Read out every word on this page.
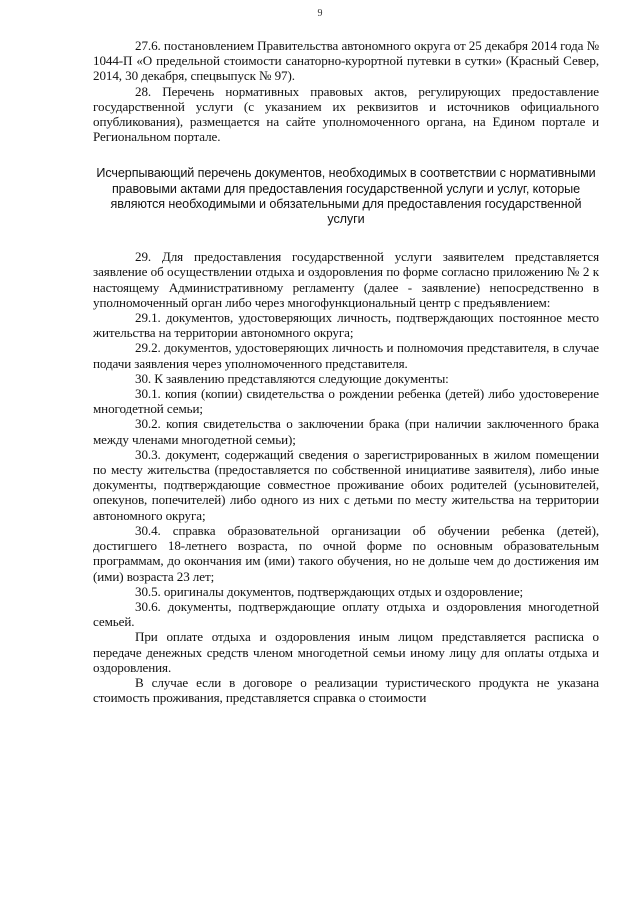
9

27.6. постановлением Правительства автономного округа от 25 декабря 2014 года № 1044-П «О предельной стоимости санаторно-курортной путевки в сутки» (Красный Север, 2014, 30 декабря, спецвыпуск № 97).

28. Перечень нормативных правовых актов, регулирующих предоставление государственной услуги (с указанием их реквизитов и источников официального опубликования), размещается на сайте уполномоченного органа, на Едином портале и Региональном портале.

Исчерпывающий перечень документов, необходимых в соответствии с нормативными правовыми актами для предоставления государственной услуги и услуг, которые являются необходимыми и обязательными для предоставления государственной услуги

29. Для предоставления государственной услуги заявителем представляется заявление об осуществлении отдыха и оздоровления по форме согласно приложению № 2 к настоящему Административному регламенту (далее - заявление) непосредственно в уполномоченный орган либо через многофункциональный центр с предъявлением:

29.1. документов, удостоверяющих личность, подтверждающих постоянное место жительства на территории автономного округа;

29.2. документов, удостоверяющих личность и полномочия представителя, в случае подачи заявления через уполномоченного представителя.

30. К заявлению представляются следующие документы:

30.1. копия (копии) свидетельства о рождении ребенка (детей) либо удостоверение многодетной семьи;

30.2. копия свидетельства о заключении брака (при наличии заключенного брака между членами многодетной семьи);

30.3. документ, содержащий сведения о зарегистрированных в жилом помещении по месту жительства (предоставляется по собственной инициативе заявителя), либо иные документы, подтверждающие совместное проживание обоих родителей (усыновителей, опекунов, попечителей) либо одного из них с детьми по месту жительства на территории автономного округа;

30.4. справка образовательной организации об обучении ребенка (детей), достигшего 18-летнего возраста, по очной форме по основным образовательным программам, до окончания им (ими) такого обучения, но не дольше чем до достижения им (ими) возраста 23 лет;

30.5. оригиналы документов, подтверждающих отдых и оздоровление;

30.6. документы, подтверждающие оплату отдыха и оздоровления многодетной семьей.

При оплате отдыха и оздоровления иным лицом представляется расписка о передаче денежных средств членом многодетной семьи иному лицу для оплаты отдыха и оздоровления.

В случае если в договоре о реализации туристического продукта не указана стоимость проживания, представляется справка о стоимости
